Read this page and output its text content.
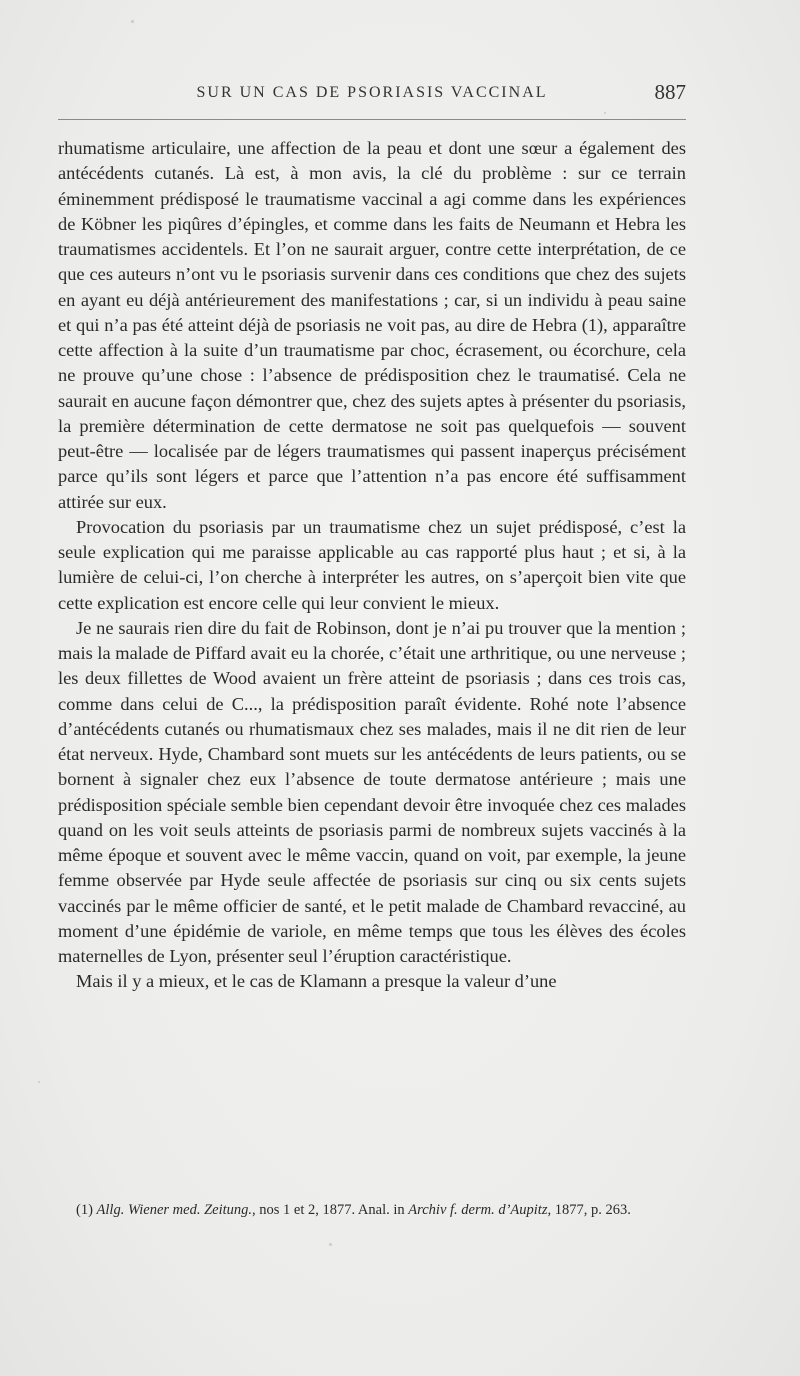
SUR UN CAS DE PSORIASIS VACCINAL	887

rhumatisme articulaire, une affection de la peau et dont une sœur a également des antécédents cutanés. Là est, à mon avis, la clé du problème : sur ce terrain éminemment prédisposé le traumatisme vaccinal a agi comme dans les expériences de Köbner les piqûres d’épingles, et comme dans les faits de Neumann et Hebra les traumatismes accidentels. Et l’on ne saurait arguer, contre cette interprétation, de ce que ces auteurs n’ont vu le psoriasis survenir dans ces conditions que chez des sujets en ayant eu déjà antérieurement des manifestations ; car, si un individu à peau saine et qui n’a pas été atteint déjà de psoriasis ne voit pas, au dire de Hebra (1), apparaître cette affection à la suite d’un traumatisme par choc, écrasement, ou écorchure, cela ne prouve qu’une chose : l’absence de prédisposition chez le traumatisé. Cela ne saurait en aucune façon démontrer que, chez des sujets aptes à présenter du psoriasis, la première détermination de cette dermatose ne soit pas quelquefois — souvent peut-être — localisée par de légers traumatismes qui passent inaperçus précisément parce qu’ils sont légers et parce que l’attention n’a pas encore été suffisamment attirée sur eux.

Provocation du psoriasis par un traumatisme chez un sujet prédisposé, c’est la seule explication qui me paraisse applicable au cas rapporté plus haut ; et si, à la lumière de celui-ci, l’on cherche à interpréter les autres, on s’aperçoit bien vite que cette explication est encore celle qui leur convient le mieux.

Je ne saurais rien dire du fait de Robinson, dont je n’ai pu trouver que la mention ; mais la malade de Piffard avait eu la chorée, c’était une arthritique, ou une nerveuse ; les deux fillettes de Wood avaient un frère atteint de psoriasis ; dans ces trois cas, comme dans celui de C..., la prédisposition paraît évidente. Rohé note l’absence d’antécédents cutanés ou rhumatismaux chez ses malades, mais il ne dit rien de leur état nerveux. Hyde, Chambard sont muets sur les antécédents de leurs patients, ou se bornent à signaler chez eux l’absence de toute dermatose antérieure ; mais une prédisposition spéciale semble bien cependant devoir être invoquée chez ces malades quand on les voit seuls atteints de psoriasis parmi de nombreux sujets vaccinés à la même époque et souvent avec le même vaccin, quand on voit, par exemple, la jeune femme observée par Hyde seule affectée de psoriasis sur cinq ou six cents sujets vaccinés par le même officier de santé, et le petit malade de Chambard revacciné, au moment d’une épidémie de variole, en même temps que tous les élèves des écoles maternelles de Lyon, présenter seul l’éruption caractéristique.

Mais il y a mieux, et le cas de Klamann a presque la valeur d’une

(1) Allg. Wiener med. Zeitung., nos 1 et 2, 1877. Anal. in Archiv f. derm. d’Aupitz, 1877, p. 263.
